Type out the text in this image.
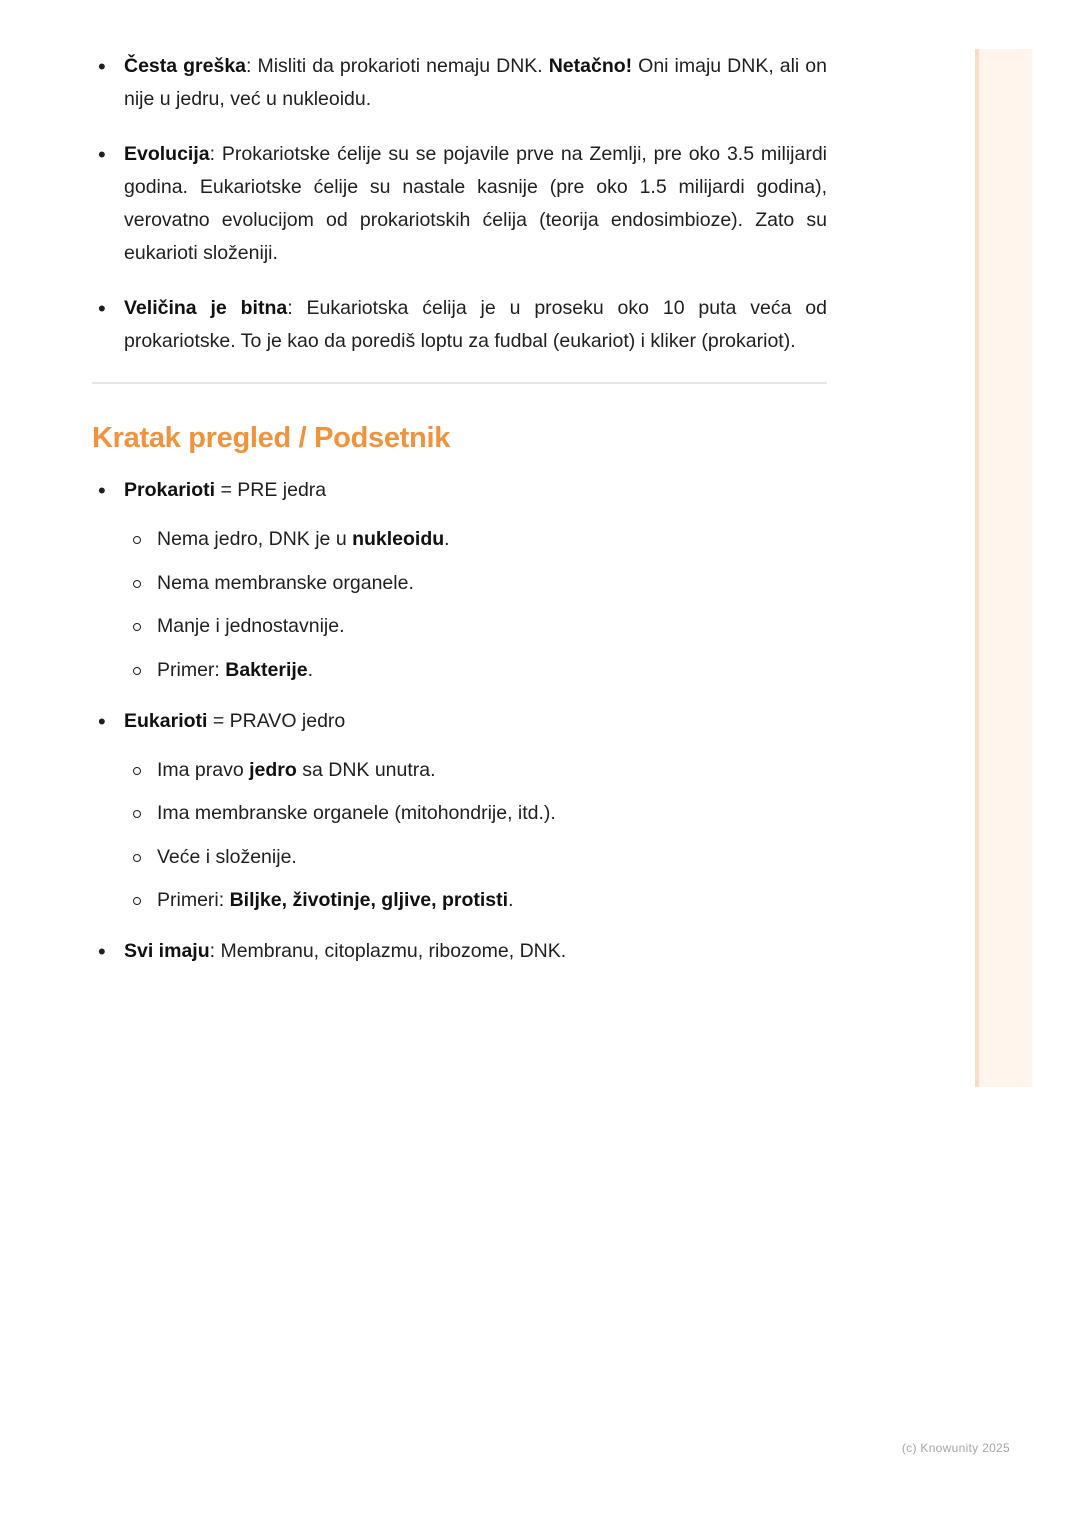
• Česta greška: Misliti da prokarioti nemaju DNK. Netačno! Oni imaju DNK, ali on nije u jedru, već u nukleoidu.
• Evolucija: Prokariotske ćelije su se pojavile prve na Zemlji, pre oko 3.5 milijardi godina. Eukariotske ćelije su nastale kasnije (pre oko 1.5 milijardi godina), verovatno evolucijom od prokariotskih ćelija (teorija endosimbioze). Zato su eukarioti složeniji.
• Veličina je bitna: Eukariotska ćelija je u proseku oko 10 puta veća od prokariotske. To je kao da porediš loptu za fudbal (eukariot) i kliker (prokariot).
Kratak pregled / Podsetnik
• Prokarioti = PRE jedra
Nema jedro, DNK je u nukleoidu.
Nema membranske organele.
Manje i jednostavnije.
Primer: Bakterije.
• Eukarioti = PRAVO jedro
Ima pravo jedro sa DNK unutra.
Ima membranske organele (mitohondrije, itd.).
Veće i složenije.
Primeri: Biljke, životinje, gljive, protisti.
• Svi imaju: Membranu, citoplazmu, ribozome, DNK.
(c) Knowunity 2025
